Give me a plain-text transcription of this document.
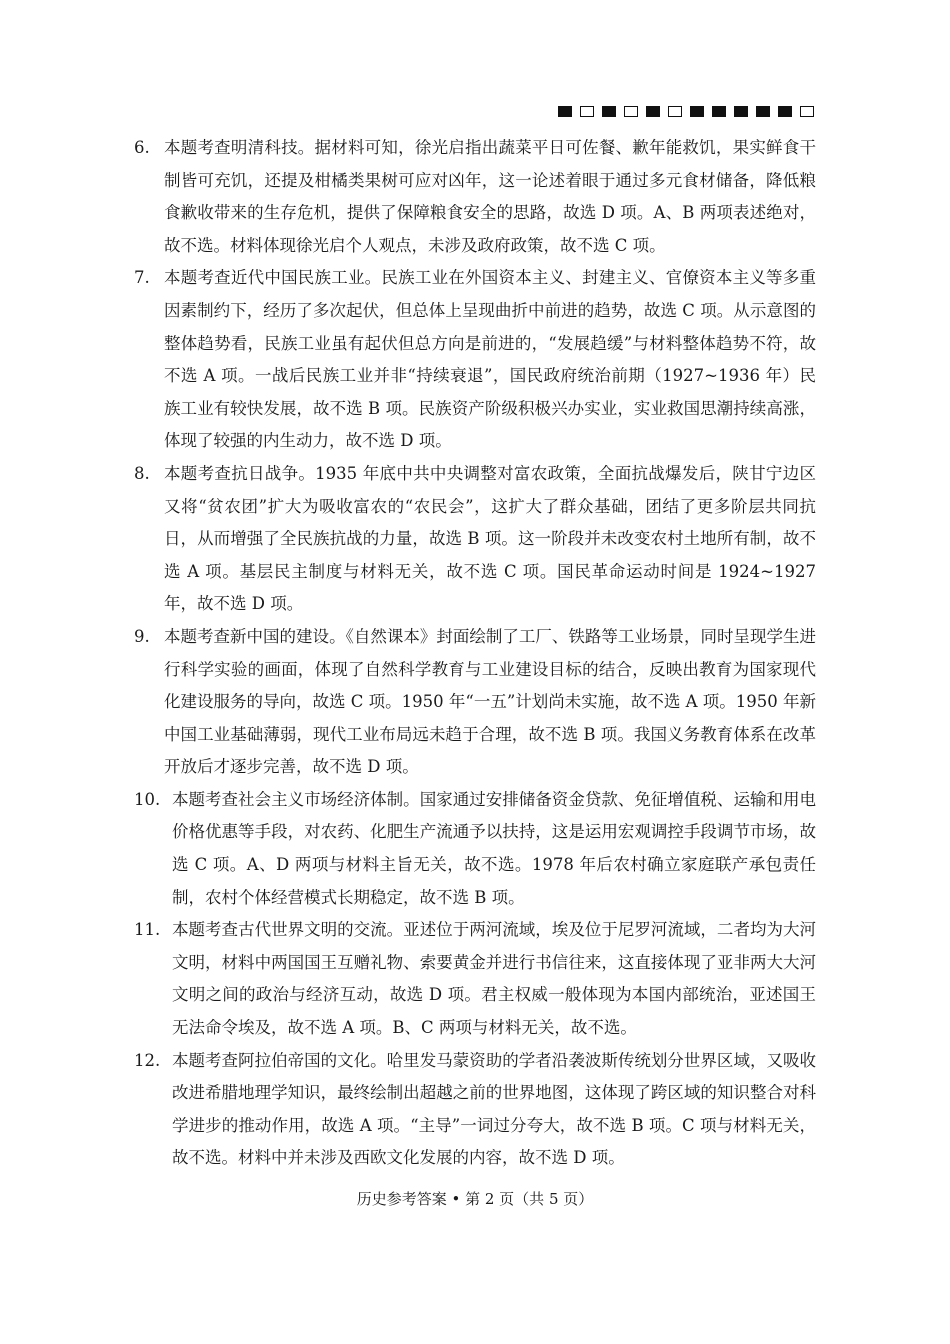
6. 本题考查明清科技。据材料可知，徐光启指出蔬菜平日可佐餐、歉年能救饥，果实鲜食干制皆可充饥，还提及柑橘类果树可应对凶年，这一论述着眼于通过多元食材储备，降低粮食歉收带来的生存危机，提供了保障粮食安全的思路，故选 D 项。A、B 两项表述绝对，故不选。材料体现徐光启个人观点，未涉及政府政策，故不选 C 项。

7. 本题考查近代中国民族工业。民族工业在外国资本主义、封建主义、官僚资本主义等多重因素制约下，经历了多次起伏，但总体上呈现曲折中前进的趋势，故选 C 项。从示意图的整体趋势看，民族工业虽有起伏但总方向是前进的，“发展趋缓”与材料整体趋势不符，故不选 A 项。一战后民族工业并非“持续衰退”，国民政府统治前期（1927~1936 年）民族工业有较快发展，故不选 B 项。民族资产阶级积极兴办实业，实业救国思潮持续高涨，体现了较强的内生动力，故不选 D 项。

8. 本题考查抗日战争。1935 年底中共中央调整对富农政策，全面抗战爆发后，陕甘宁边区又将“贫农团”扩大为吸收富农的“农民会”，这扩大了群众基础，团结了更多阶层共同抗日，从而增强了全民族抗战的力量，故选 B 项。这一阶段并未改变农村土地所有制，故不选 A 项。基层民主制度与材料无关，故不选 C 项。国民革命运动时间是 1924~1927 年，故不选 D 项。

9. 本题考查新中国的建设。《自然课本》封面绘制了工厂、铁路等工业场景，同时呈现学生进行科学实验的画面，体现了自然科学教育与工业建设目标的结合，反映出教育为国家现代化建设服务的导向，故选 C 项。1950 年“一五”计划尚未实施，故不选 A 项。1950 年新中国工业基础薄弱，现代工业布局远未趋于合理，故不选 B 项。我国义务教育体系在改革开放后才逐步完善，故不选 D 项。

10. 本题考查社会主义市场经济体制。国家通过安排储备资金贷款、免征增值税、运输和用电价格优惠等手段，对农药、化肥生产流通予以扶持，这是运用宏观调控手段调节市场，故选 C 项。A、D 两项与材料主旨无关，故不选。1978 年后农村确立家庭联产承包责任制，农村个体经营模式长期稳定，故不选 B 项。

11. 本题考查古代世界文明的交流。亚述位于两河流域，埃及位于尼罗河流域，二者均为大河文明，材料中两国国王互赠礼物、索要黄金并进行书信往来，这直接体现了亚非两大大河文明之间的政治与经济互动，故选 D 项。君主权威一般体现为本国内部统治，亚述国王无法命令埃及，故不选 A 项。B、C 两项与材料无关，故不选。

12. 本题考查阿拉伯帝国的文化。哈里发马蒙资助的学者沿袭波斯传统划分世界区域，又吸收改进希腊地理学知识，最终绘制出超越之前的世界地图，这体现了跨区域的知识整合对科学进步的推动作用，故选 A 项。“主导”一词过分夸大，故不选 B 项。C 项与材料无关，故不选。材料中并未涉及西欧文化发展的内容，故不选 D 项。

历史参考答案 • 第 2 页（共 5 页）
